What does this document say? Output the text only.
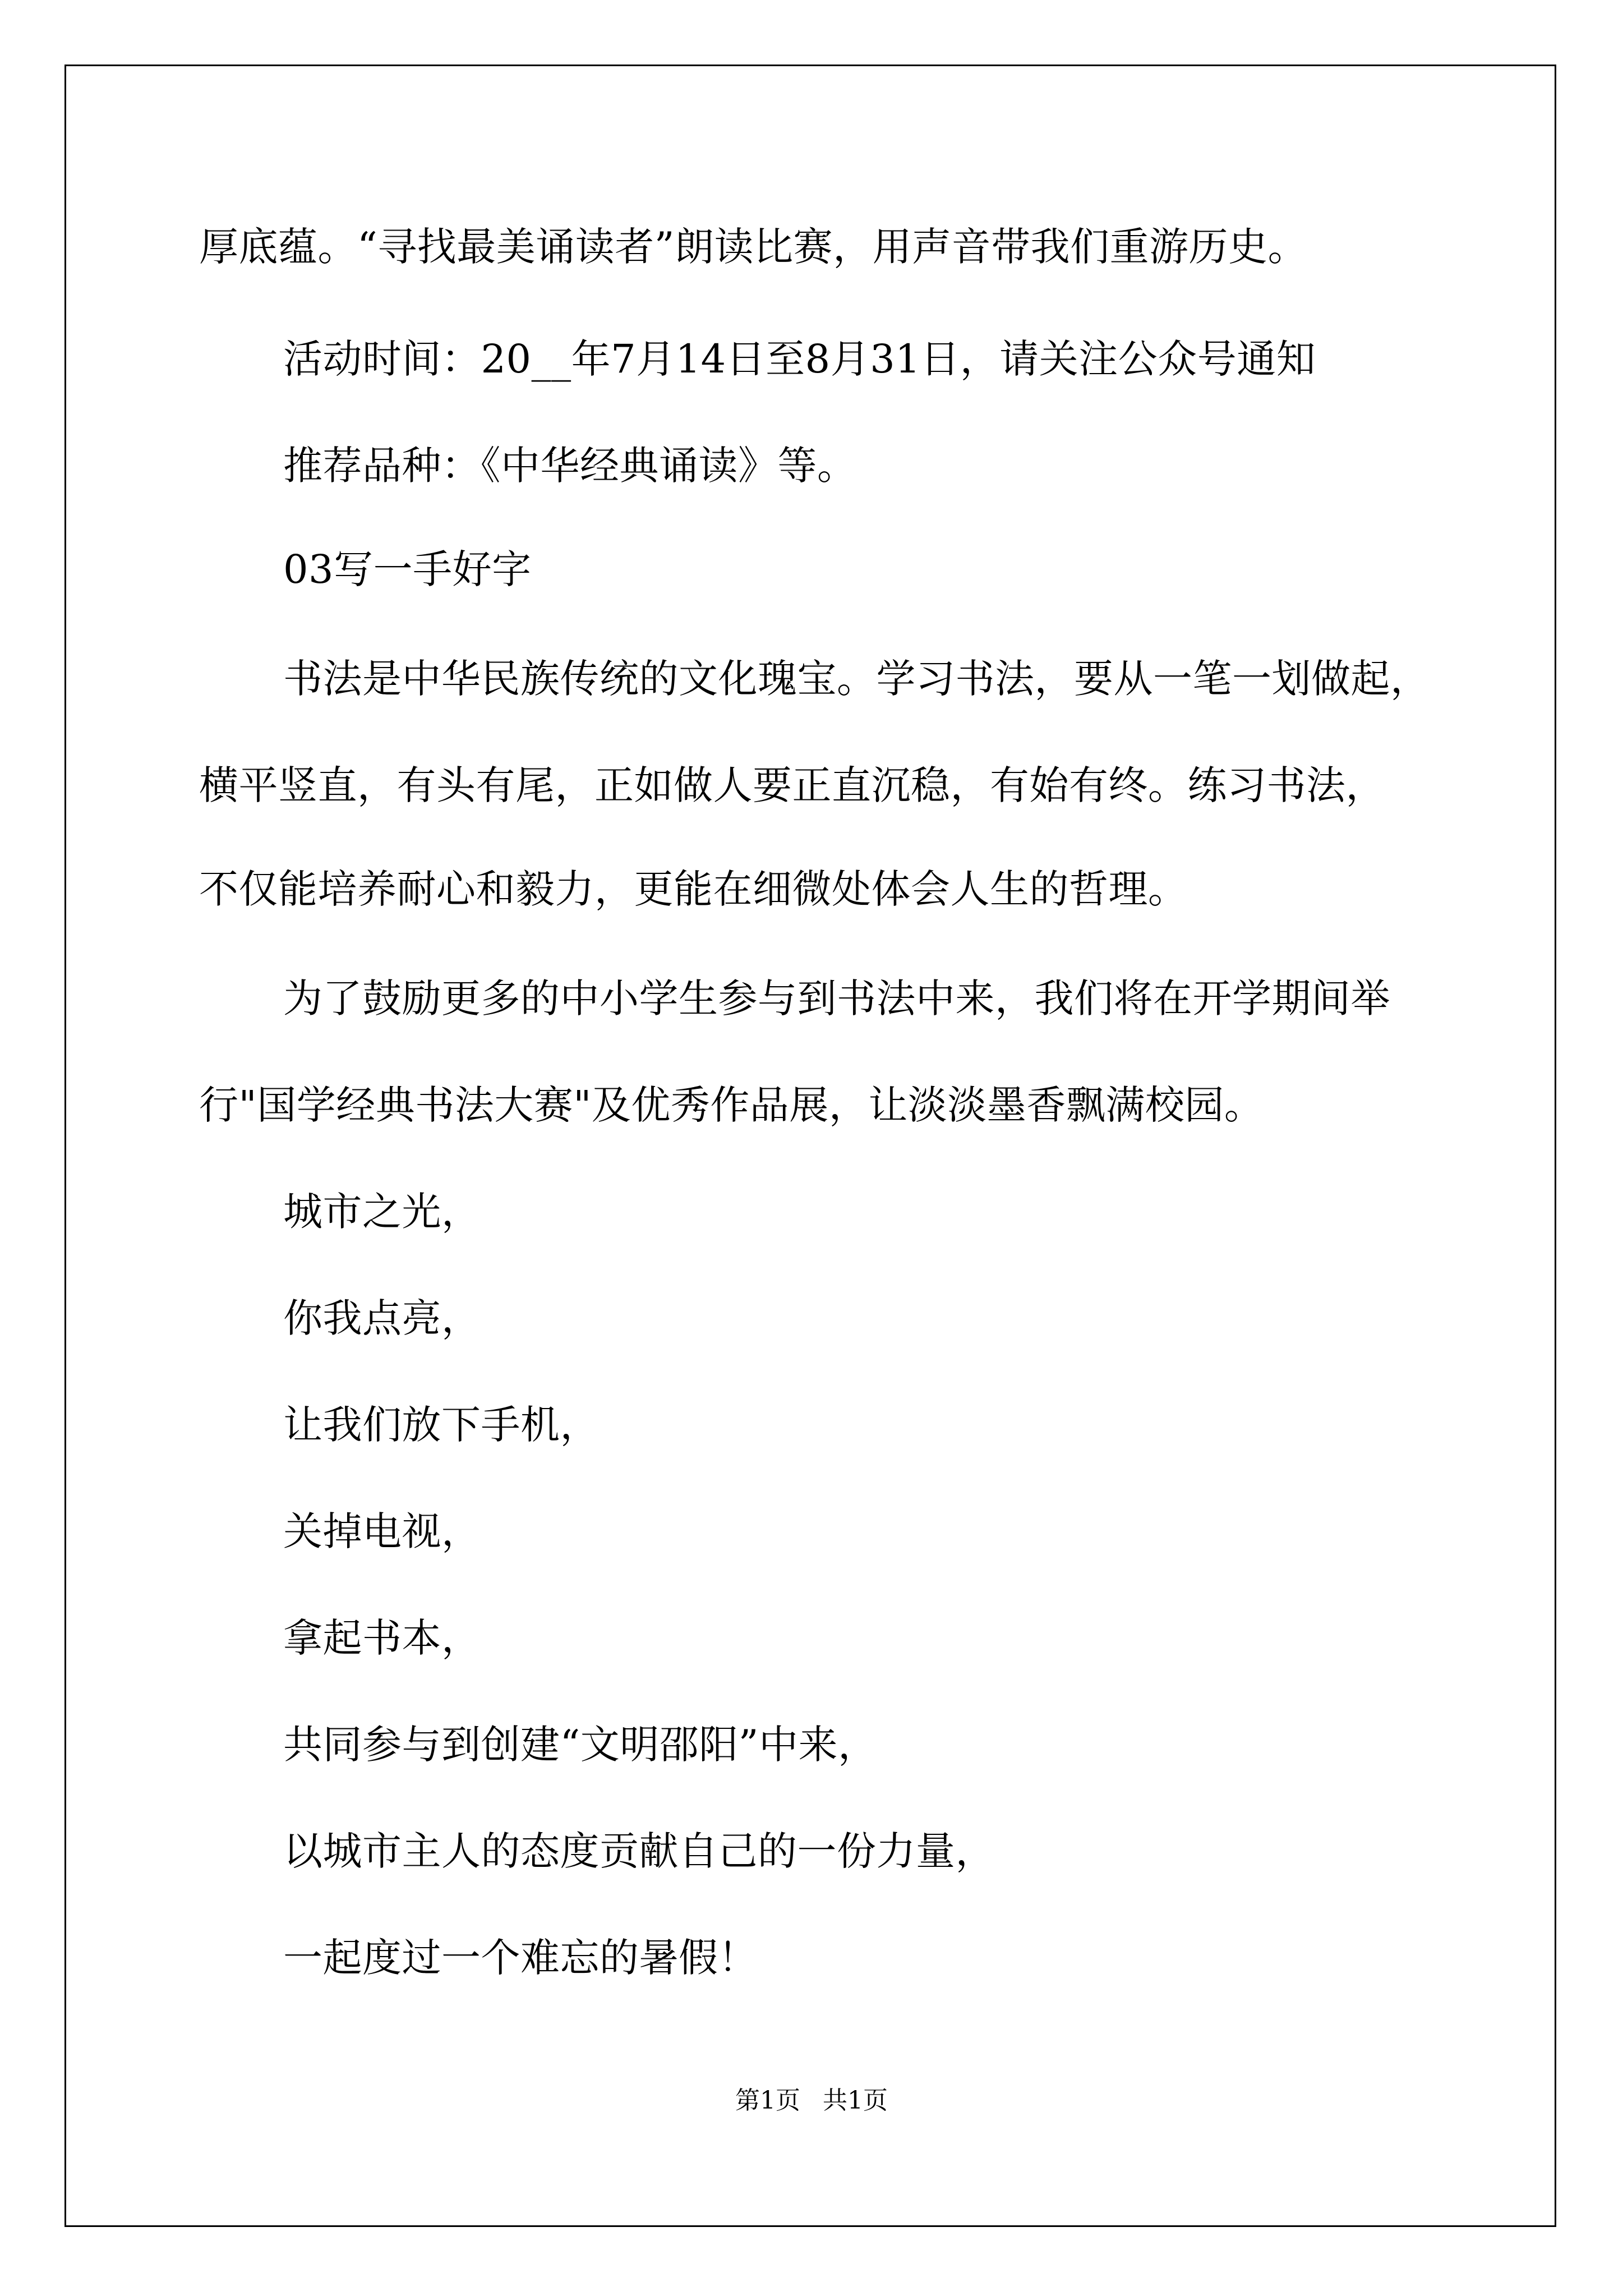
厚底蕴。“寻找最美诵读者”朗读比赛，用声音带我们重游历史。
活动时间：20__年7月14日至8月31日，请关注公众号通知
推荐品种：《中华经典诵读》等。
03写一手好字
书法是中华民族传统的文化瑰宝。学习书法，要从一笔一划做起，
横平竖直，有头有尾，正如做人要正直沉稳，有始有终。练习书法，
不仅能培养耐心和毅力，更能在细微处体会人生的哲理。
为了鼓励更多的中小学生参与到书法中来，我们将在开学期间举
行"国学经典书法大赛"及优秀作品展，让淡淡墨香飘满校园。
城市之光，
你我点亮，
让我们放下手机，
关掉电视，
拿起书本，
共同参与到创建“文明邵阳”中来，
以城市主人的态度贡献自己的一份力量，
一起度过一个难忘的暑假！
第1页 共1页
